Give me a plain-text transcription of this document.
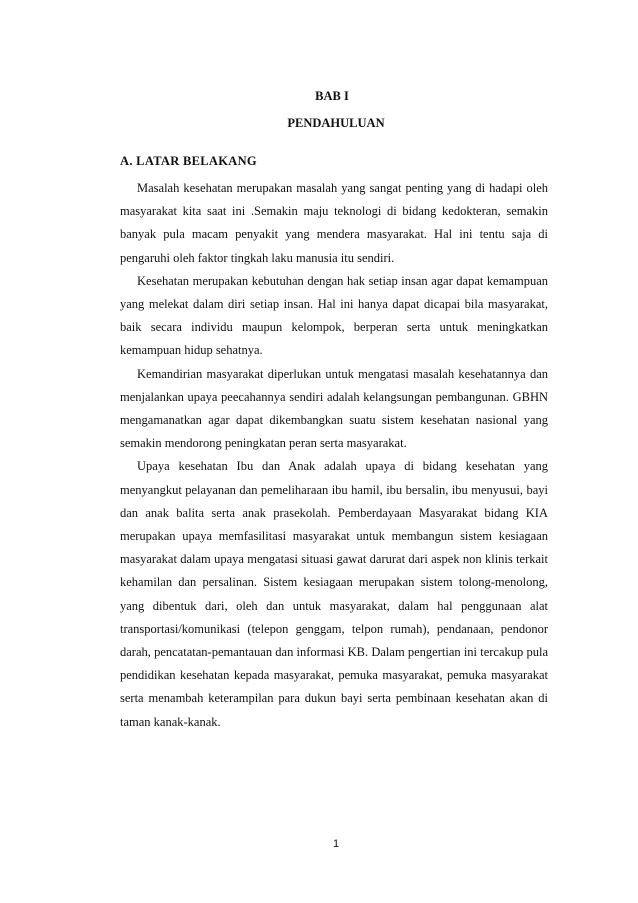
BAB I
PENDAHULUAN
A. LATAR BELAKANG

Masalah kesehatan merupakan masalah yang sangat penting yang di hadapi oleh masyarakat kita saat ini .Semakin maju teknologi di bidang kedokteran, semakin banyak pula macam penyakit yang mendera masyarakat. Hal ini tentu saja di pengaruhi oleh faktor tingkah laku manusia itu sendiri.

Kesehatan merupakan kebutuhan dengan hak setiap insan agar dapat kemampuan yang melekat dalam diri setiap insan. Hal ini hanya dapat dicapai bila masyarakat, baik secara individu maupun kelompok, berperan serta untuk meningkatkan kemampuan hidup sehatnya.

Kemandirian masyarakat diperlukan untuk mengatasi masalah kesehatannya dan menjalankan upaya peecahannya sendiri adalah kelangsungan pembangunan. GBHN mengamanatkan agar dapat dikembangkan suatu sistem kesehatan nasional yang semakin mendorong peningkatan peran serta masyarakat.

Upaya kesehatan Ibu dan Anak adalah upaya di bidang kesehatan yang menyangkut pelayanan dan pemeliharaan ibu hamil, ibu bersalin, ibu menyusui, bayi dan anak balita serta anak prasekolah. Pemberdayaan Masyarakat bidang KIA merupakan upaya memfasilitasi masyarakat untuk membangun sistem kesiagaan masyarakat dalam upaya mengatasi situasi gawat darurat dari aspek non klinis terkait kehamilan dan persalinan. Sistem kesiagaan merupakan sistem tolong-menolong, yang dibentuk dari, oleh dan untuk masyarakat, dalam hal penggunaan alat transportasi/komunikasi (telepon genggam, telpon rumah), pendanaan, pendonor darah, pencatatan-pemantauan dan informasi KB. Dalam pengertian ini tercakup pula pendidikan kesehatan kepada masyarakat, pemuka masyarakat, pemuka masyarakat serta menambah keterampilan para dukun bayi serta pembinaan kesehatan akan di taman kanak-kanak.

1
